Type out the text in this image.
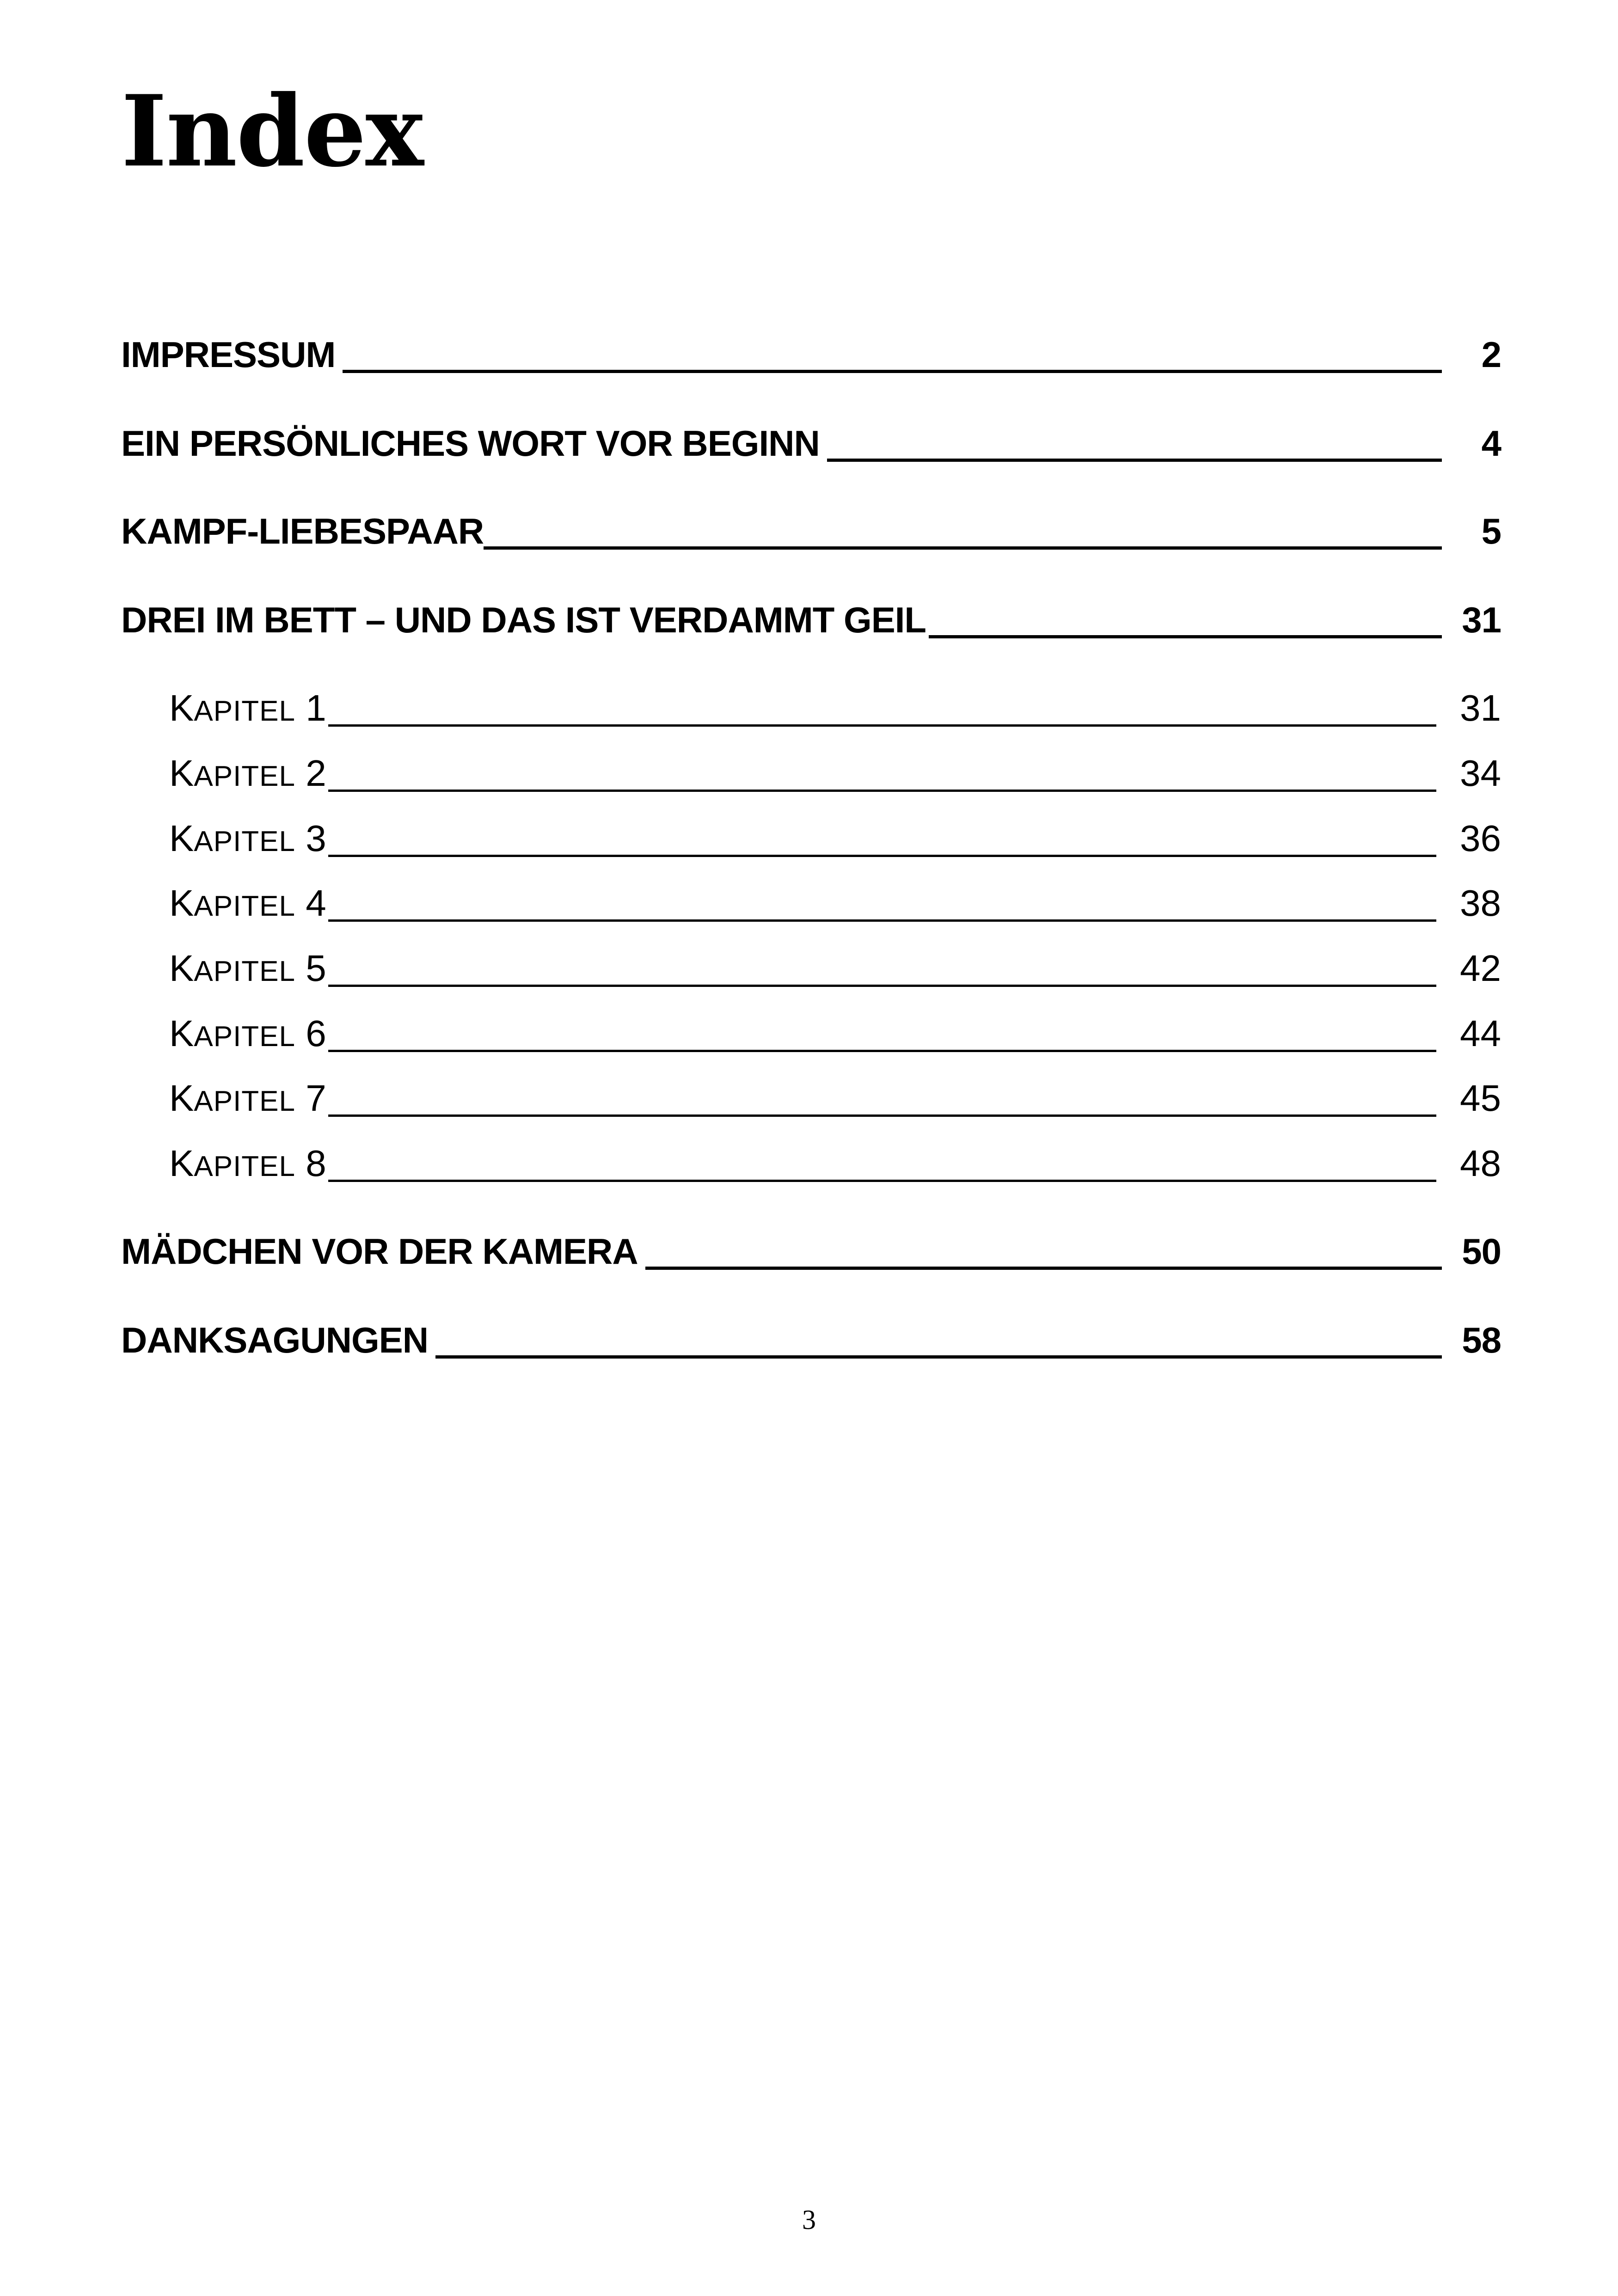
Index
IMPRESSUM	2
EIN PERSÖNLICHES WORT VOR BEGINN	4
KAMPF-LIEBESPAAR	5
DREI IM BETT – UND DAS IST VERDAMMT GEIL	31
KAPITEL 1	31
KAPITEL 2	34
KAPITEL 3	36
KAPITEL 4	38
KAPITEL 5	42
KAPITEL 6	44
KAPITEL 7	45
KAPITEL 8	48
MÄDCHEN VOR DER KAMERA	50
DANKSAGUNGEN	58
3
